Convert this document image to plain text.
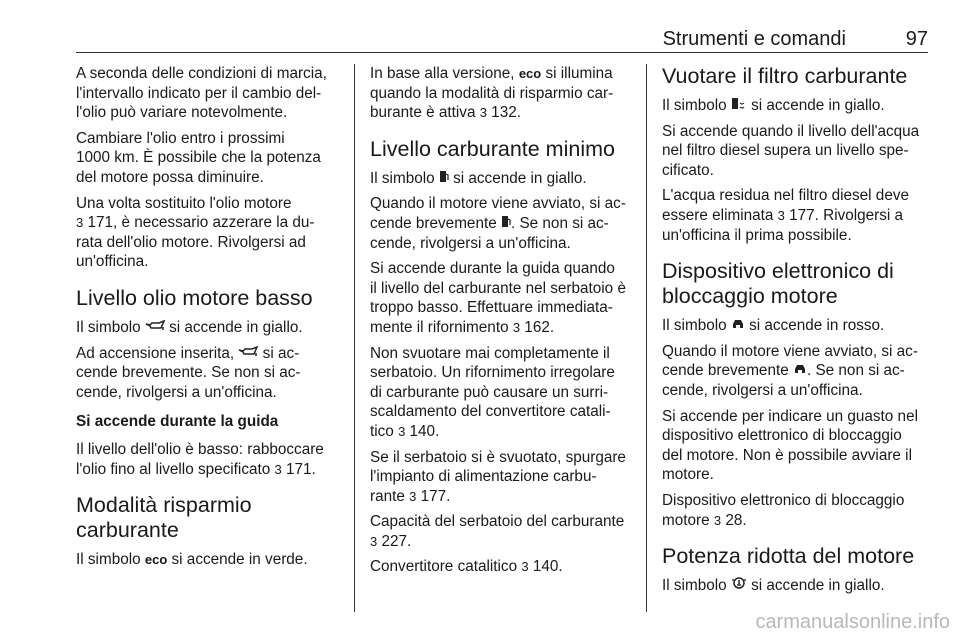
Strumenti e comandi	97

A seconda delle condizioni di marcia,
l'intervallo indicato per il cambio del-
l'olio può variare notevolmente.

Cambiare l'olio entro i prossimi
1000 km. È possibile che la potenza
del motore possa diminuire.

Una volta sostituito l'olio motore
3 171, è necessario azzerare la du-
rata dell'olio motore. Rivolgersi ad
un'officina.

Livello olio motore basso

Il simbolo  si accende in giallo.

Ad accensione inserita,  si ac-
cende brevemente. Se non si ac-
cende, rivolgersi a un'officina.

Si accende durante la guida

Il livello dell'olio è basso: rabboccare
l'olio fino al livello specificato 3 171.

Modalità risparmio
carburante

Il simbolo eco si accende in verde.

In base alla versione, eco si illumina
quando la modalità di risparmio car-
burante è attiva 3 132.

Livello carburante minimo

Il simbolo  si accende in giallo.

Quando il motore viene avviato, si ac-
cende brevemente . Se non si ac-
cende, rivolgersi a un'officina.

Si accende durante la guida quando
il livello del carburante nel serbatoio è
troppo basso. Effettuare immediata-
mente il rifornimento 3 162.

Non svuotare mai completamente il
serbatoio. Un rifornimento irregolare
di carburante può causare un surri-
scaldamento del convertitore catali-
tico 3 140.

Se il serbatoio si è svuotato, spurgare
l'impianto di alimentazione carbu-
rante 3 177.

Capacità del serbatoio del carburante
3 227.

Convertitore catalitico 3 140.

Vuotare il filtro carburante

Il simbolo  si accende in giallo.

Si accende quando il livello dell'acqua
nel filtro diesel supera un livello spe-
cificato.

L'acqua residua nel filtro diesel deve
essere eliminata 3 177. Rivolgersi a
un'officina il prima possibile.

Dispositivo elettronico di
bloccaggio motore

Il simbolo  si accende in rosso.

Quando il motore viene avviato, si ac-
cende brevemente . Se non si ac-
cende, rivolgersi a un'officina.

Si accende per indicare un guasto nel
dispositivo elettronico di bloccaggio
del motore. Non è possibile avviare il
motore.

Dispositivo elettronico di bloccaggio
motore 3 28.

Potenza ridotta del motore

Il simbolo  si accende in giallo.

carmanualsonline.info
